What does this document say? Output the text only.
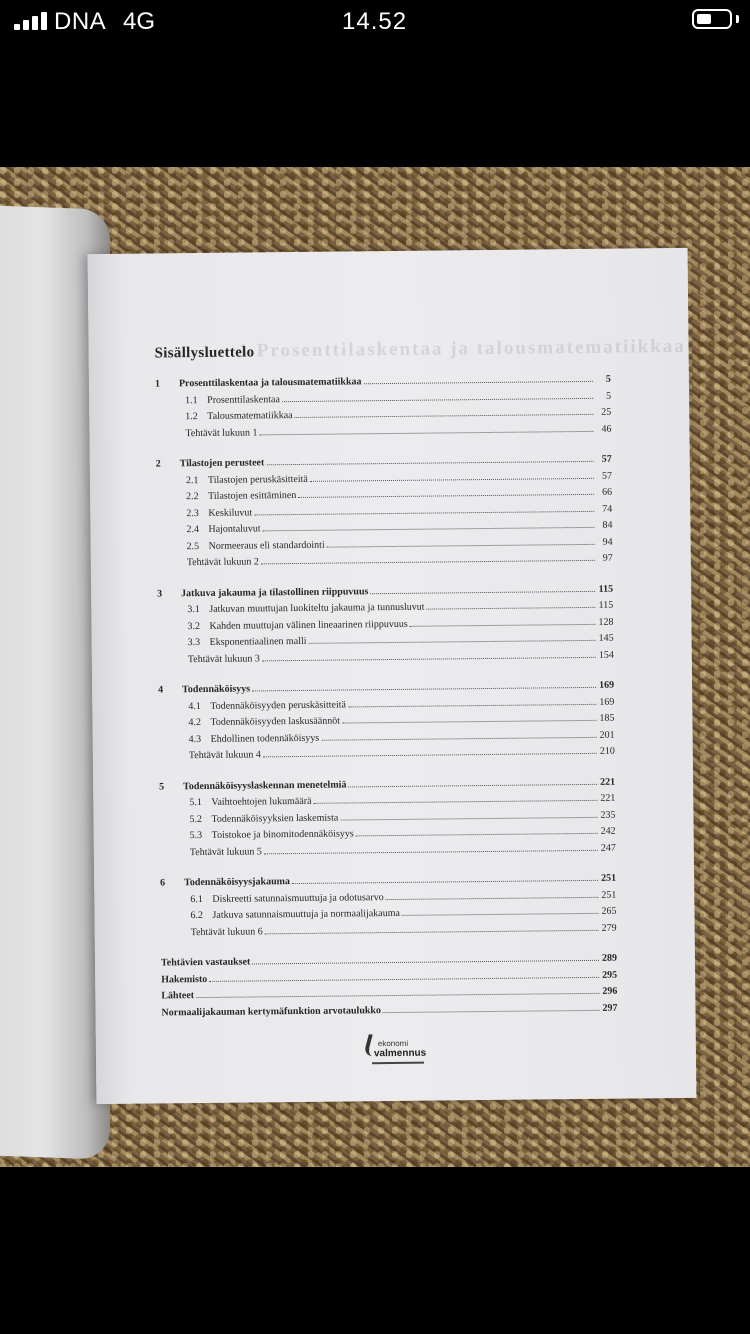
DNA 4G	14.52
1 Prosenttilaskentaa ja talousmatematiikkaa
Sisällysluettelo
1	Prosenttilaskentaa ja talousmatematiikkaa	5
1.1 Prosenttilaskentaa	5
1.2 Talousmatematiikkaa	25
Tehtävät lukuun 1	46
2	Tilastojen perusteet	57
2.1 Tilastojen peruskäsitteitä	57
2.2 Tilastojen esittäminen	66
2.3 Keskiluvut	74
2.4 Hajontaluvut	84
2.5 Normeeraus eli standardointi	94
Tehtävät lukuun 2	97
3	Jatkuva jakauma ja tilastollinen riippuvuus	115
3.1 Jatkuvan muuttujan luokiteltu jakauma ja tunnusluvut	115
3.2 Kahden muuttujan välinen lineaarinen riippuvuus	128
3.3 Eksponentiaalinen malli	145
Tehtävät lukuun 3	154
4	Todennäköisyys	169
4.1 Todennäköisyyden peruskäsitteitä	169
4.2 Todennäköisyyden laskusäännöt	185
4.3 Ehdollinen todennäköisyys	201
Tehtävät lukuun 4	210
5	Todennäköisyyslaskennan menetelmiä	221
5.1 Vaihtoehtojen lukumäärä	221
5.2 Todennäköisyyksien laskemista	235
5.3 Toistokoe ja binomitodennäköisyys	242
Tehtävät lukuun 5	247
6	Todennäköisyysjakauma	251
6.1 Diskreetti satunnaismuuttuja ja odotusarvo	251
6.2 Jatkuva satunnaismuuttuja ja normaalijakauma	265
Tehtävät lukuun 6	279
Tehtävien vastaukset	289
Hakemisto	295
Lähteet	296
Normaalijakauman kertymäfunktion arvotaulukko	297
ekonomi
valmennus
